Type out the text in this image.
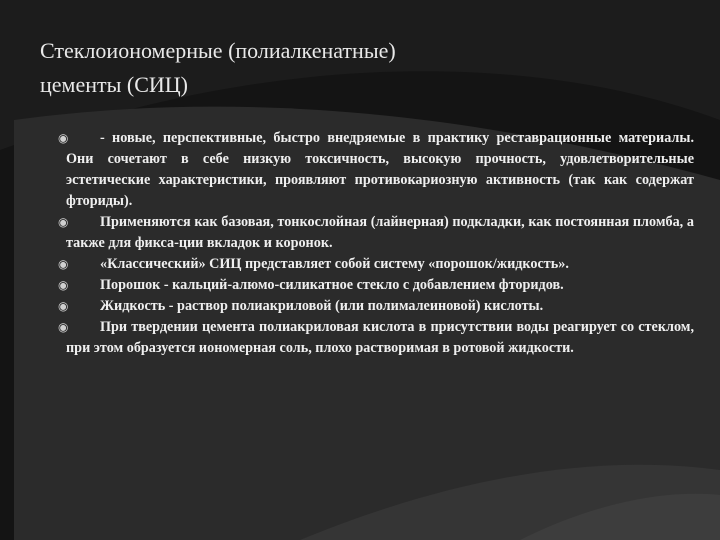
Стеклоиономерные (полиалкенатные)
цементы (СИЦ)
◉ - новые, перспективные, быстро внедряемые в практику реставрационные материалы. Они сочетают в себе низкую токсичность, высокую прочность, удовлетворительные эстетические характеристики, проявляют противокариозную активность (так как содержат фториды).
◉ Применяются как базовая, тонкослойная (лайнерная) подкладки, как постоянная пломба, а также для фикса-ции вкладок и коронок.
◉ «Классический» СИЦ представляет собой систему «порошок/жидкость».
◉ Порошок - кальций-алюмо-силикатное стекло с добавлением фторидов.
◉ Жидкость - раствор полиакриловой (или полималеиновой) кислоты.
◉ При твердении цемента полиакриловая кислота в присутствии воды реагирует со стеклом, при этом образуется иономерная соль, плохо растворимая в ротовой жидкости.
